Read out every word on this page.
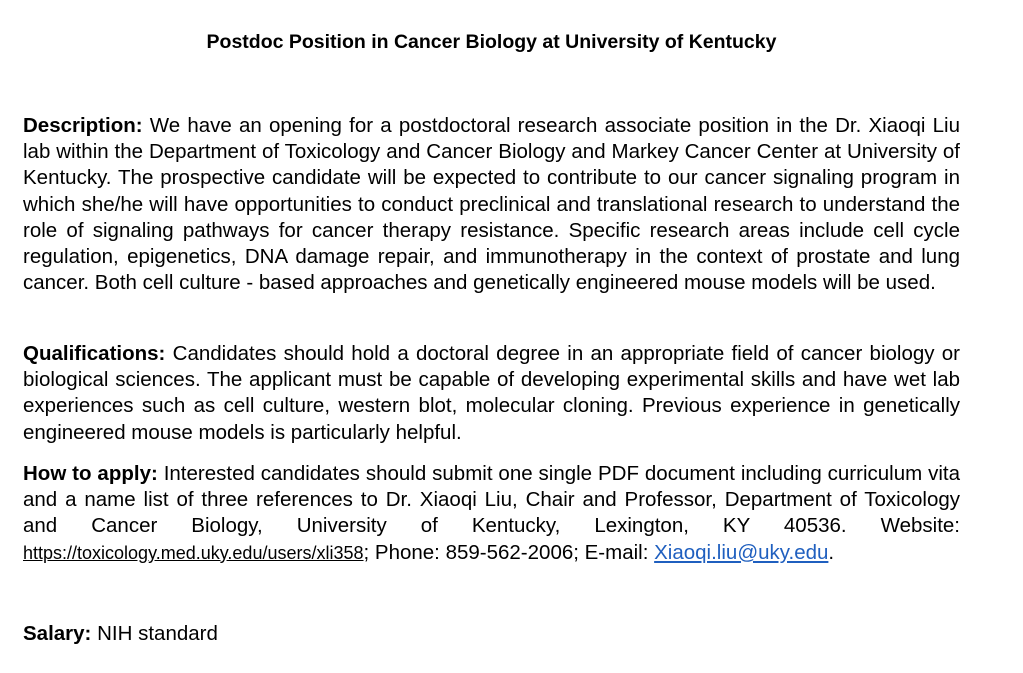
Postdoc Position in Cancer Biology at University of Kentucky
Description: We have an opening for a postdoctoral research associate position in the Dr. Xiaoqi Liu lab within the Department of Toxicology and Cancer Biology and Markey Cancer Center at University of Kentucky. The prospective candidate will be expected to contribute to our cancer signaling program in which she/he will have opportunities to conduct preclinical and translational research to understand the role of signaling pathways for cancer therapy resistance. Specific research areas include cell cycle regulation, epigenetics, DNA damage repair, and immunotherapy in the context of prostate and lung cancer. Both cell culture - based approaches and genetically engineered mouse models will be used.
Qualifications: Candidates should hold a doctoral degree in an appropriate field of cancer biology or biological sciences. The applicant must be capable of developing experimental skills and have wet lab experiences such as cell culture, western blot, molecular cloning. Previous experience in genetically engineered mouse models is particularly helpful.
How to apply: Interested candidates should submit one single PDF document including curriculum vita and a name list of three references to Dr. Xiaoqi Liu, Chair and Professor, Department of Toxicology and Cancer Biology, University of Kentucky, Lexington, KY 40536. Website: https://toxicology.med.uky.edu/users/xli358; Phone: 859-562-2006; E-mail: Xiaoqi.liu@uky.edu.
Salary: NIH standard
